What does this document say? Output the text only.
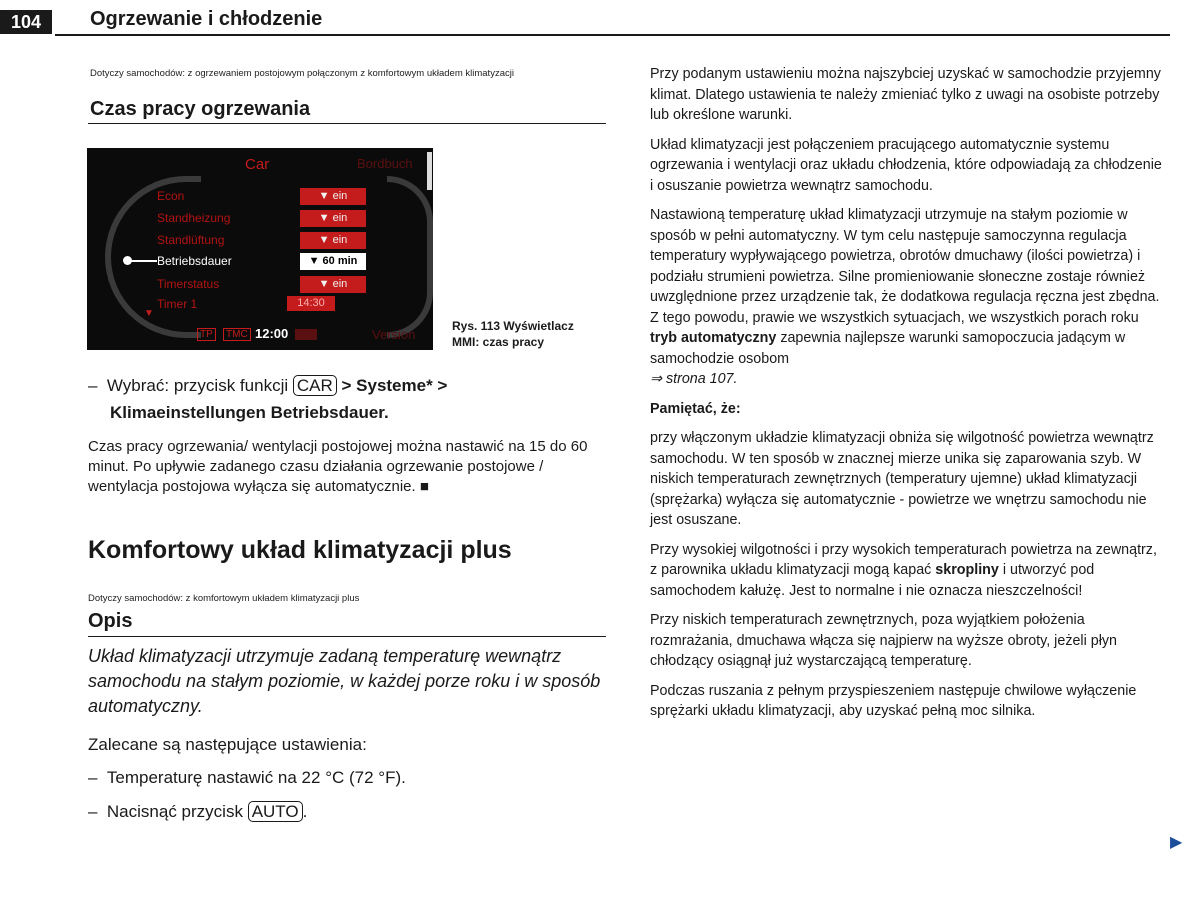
104	Ogrzewanie i chłodzenie
Dotyczy samochodów: z ogrzewaniem postojowym połączonym z komfortowym układem klimatyzacji
Czas pracy ogrzewania
Car	Bordbuch
Econ	▼ ein
Standheizung	▼ ein
Standlüftung	▼ ein
Betriebsdauer	▼ 60 min
Timerstatus	▼ ein
Timer 1	14:30
▼
TP	TMC 12:00	Version
Rys. 113 Wyświetlacz
MMI: czas pracy
–  Wybrać: przycisk funkcji CAR > Systeme* >
Klimaeinstellungen Betriebsdauer.
Czas pracy ogrzewania/ wentylacji postojowej można nastawić na 15 do 60 minut. Po upływie zadanego czasu działania ogrzewanie postojowe / wentylacja postojowa wyłącza się automatycznie. ■
Komfortowy układ klimatyzacji plus
Dotyczy samochodów: z komfortowym układem klimatyzacji plus
Opis
Układ klimatyzacji utrzymuje zadaną temperaturę wewnątrz samochodu na stałym poziomie, w każdej porze roku i w sposób automatyczny.
Zalecane są następujące ustawienia:
–  Temperaturę nastawić na 22 °C (72 °F).
–  Nacisnąć przycisk AUTO .

Przy podanym ustawieniu można najszybciej uzyskać w samochodzie przyjemny klimat. Dlatego ustawienia te należy zmieniać tylko z uwagi na osobiste potrzeby lub określone warunki.

Układ klimatyzacji jest połączeniem pracującego automatycznie systemu ogrzewania i wentylacji oraz układu chłodzenia, które odpowiadają za chłodzenie i osuszanie powietrza wewnątrz samochodu.

Nastawioną temperaturę układ klimatyzacji utrzymuje na stałym poziomie w sposób w pełni automatyczny. W tym celu następuje samoczynna regulacja temperatury wypływającego powietrza, obrotów dmuchawy (ilości powietrza) i podziału strumieni powietrza. Silne promieniowanie słoneczne zostaje również uwzględnione przez urządzenie tak, że dodatkowa regulacja ręczna jest zbędna. Z tego powodu, prawie we wszystkich sytuacjach, we wszystkich porach roku tryb automatyczny zapewnia najlepsze warunki samopoczucia jadącym w samochodzie osobom
⇒ strona 107.

Pamiętać, że:

przy włączonym układzie klimatyzacji obniża się wilgotność powietrza wewnątrz samochodu. W ten sposób w znacznej mierze unika się zaparowania szyb. W niskich temperaturach zewnętrznych (temperatury ujemne) układ klimatyzacji (sprężarka) wyłącza się automatycznie - powietrze we wnętrzu samochodu nie jest osuszane.

Przy wysokiej wilgotności i przy wysokich temperaturach powietrza na zewnątrz, z parownika układu klimatyzacji mogą kapać skropliny i utworzyć pod samochodem kałużę. Jest to normalne i nie oznacza nieszczelności!

Przy niskich temperaturach zewnętrznych, poza wyjątkiem położenia rozmrażania, dmuchawa włącza się najpierw na wyższe obroty, jeżeli płyn chłodzący osiągnął już wystarczającą temperaturę.

Podczas ruszania z pełnym przyspieszeniem następuje chwilowe wyłączenie sprężarki układu klimatyzacji, aby uzyskać pełną moc silnika.

▶
